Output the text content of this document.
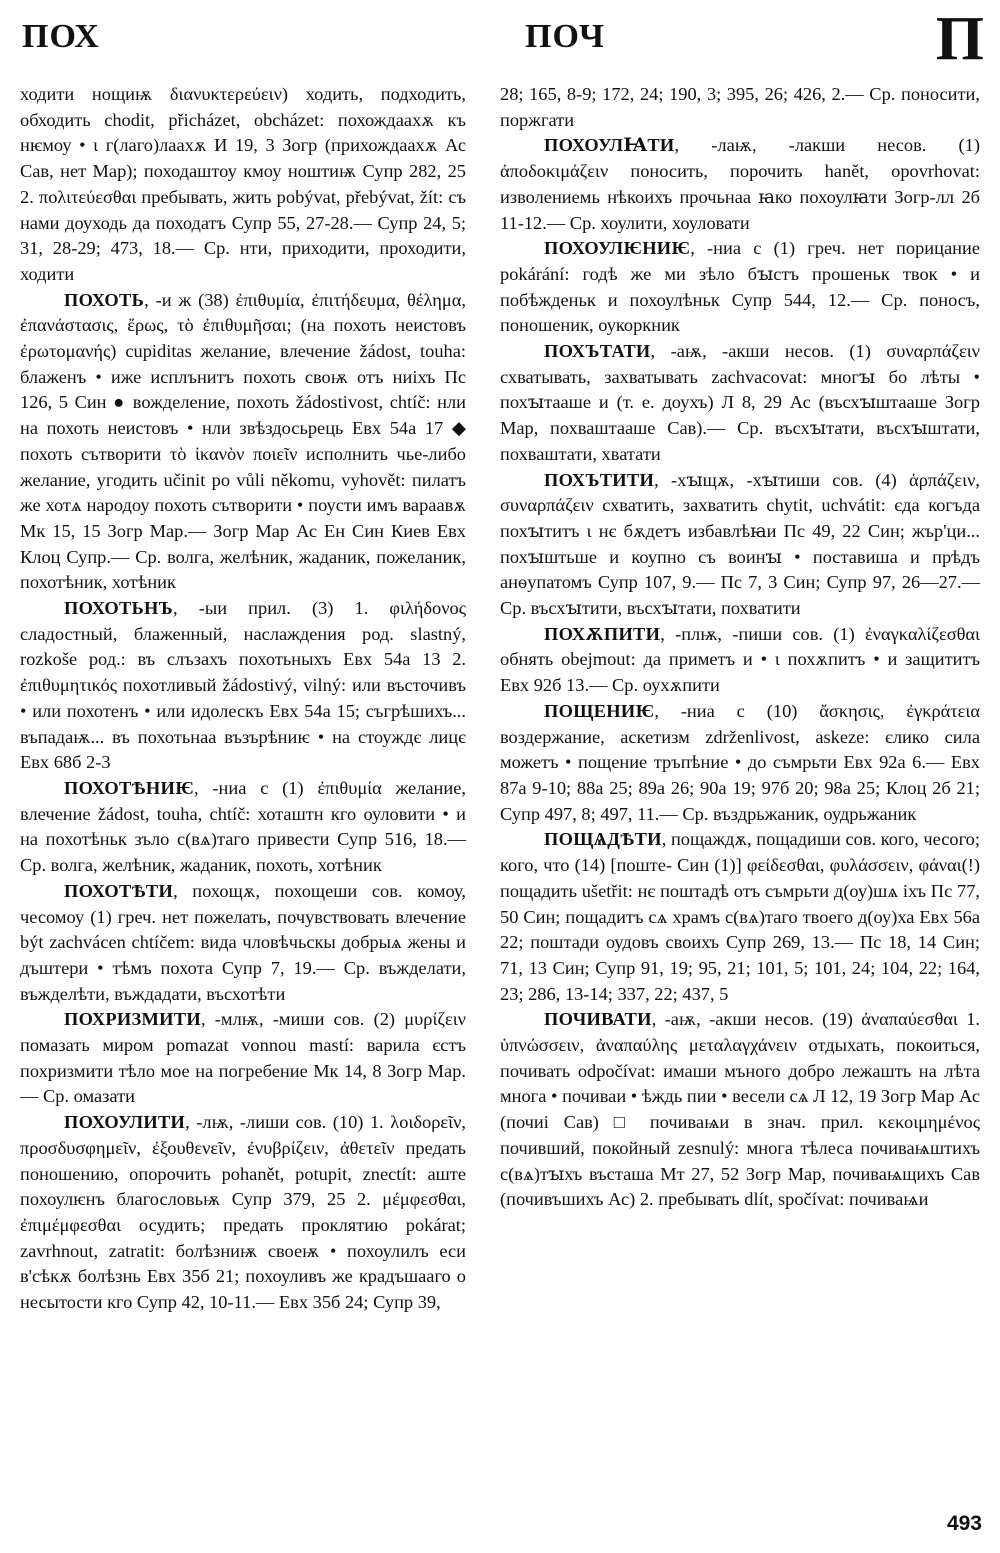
ПОХ	ПОЧ	П

ходити нощиѭ διανυκτερεύειν) ходить, подходить, обходить chodit, přicházet, obcházet: похождаахѫ къ нѥмоу • ι г(лаго)лаахѫ И 19, 3 Зогр (прихождаахѫ Ас Сав, нет Мар); походаштоу кмоу ноштиѭ Супр 282, 25 2. πολιτεύεσθαι пребывать, жить pobývat, přebývat, žít: съ нами доуходь да походатъ Супр 55, 27-28.— Супр 24, 5; 31, 28-29; 473, 18.— Ср. нти, приходити, проходити, ходити

ПОХОТЬ, -и ж (38) ἐπιθυμία, ἐπιτήδευμα, θέλημα, ἐπανάστασις, ἔρως, τὸ ἐπιθυμῆσαι; (на похоть неистовъ ἐρωτομανής) cupiditas желание, влечение žádost, touha: блаженъ • иже исплънитъ похоть своѭ отъ ниіхъ Пс 126, 5 Син ● вожделение, похоть žádostivost, chtíč: нли на похоть неистовъ • нли звѣздосьрець Евх 54а 17 ◆ похоть сътворити τὸ ἱκανὸν ποιεῖν исполнить чье-либо желание, угодить učinit po vůli někomu, vyhovět: пилатъ же хотѧ народоу похоть сътворити • поусти имъ вараавѫ Мк 15, 15 Зогр Мар.— Зогр Мар Ас Ен Син Киев Евх Клоц Супр.— Ср. волга, желѣник, жаданик, пожеланик, похотѣник, хотѣник

ПОХОТЬНЪ, -ыи прил. (3) 1. φιλήδονος сладостный, блаженный, наслаждения род. slastný, rozkoše род.: въ слъзахъ похотьныхъ Евх 54а 13 2. ἐπιθυμητικός похотливый žádostivý, vilný: или въсточивъ • или похотенъ • или идолескъ Евх 54а 15; съгрѣшихъ... въпадаѭ... въ похотьнаа възърѣниѥ • на стоуждє лицє Евх 68б 2-3

ПОХОТѢНИѤ, -ниа с (1) ἐπιθυμία желание, влечение žádost, touha, chtíč: хоташтн кго оуловити • и на похотѣньк зъло с(вѧ)таго привести Супр 516, 18.— Ср. волга, желѣник, жаданик, похоть, хотѣник

ПОХОТѢТИ, похощѫ, похощеши сов. комоу, чесомоу (1) греч. нет пожелать, почувствовать влечение být zachvácen chtíčem: вида чловѣчьскы добрыѧ жены и дъштери • тѣмъ похота Супр 7, 19.— Ср. въжделати, въжделѣти, въждадати, въсхотѣти

ПОХРИЗМИТИ, -млѭ, -миши сов. (2) μυρίζειν помазать миром pomazat vonnou mastí: варила єстъ похризмити тѣло мое на погребение Мк 14, 8 Зогр Мар.— Ср. омазати

ПОХОУЛИТИ, -лѭ, -лиши сов. (10) 1. λοιδορεῖν, προσδυσφημεῖν, ἐξουθενεῖν, ἐνυβρίζειν, ἀθετεῖν предать поношению, опорочить pohanět, potupit, znectít: аште похоулѥнъ благословьѭ Супр 379, 25 2. μέμφεσθαι, ἐπιμέμφεσθαι осудить; предать проклятию pokárat; zavrhnout, zatratit: болѣзниѭ своеѭ • похоулилъ еси в'сѣкѫ болѣзнь Евх 35б 21; похоуливъ же крадъшааго о несытости кго Супр 42, 10-11.— Евх 35б 24; Супр 39,

28; 165, 8-9; 172, 24; 190, 3; 395, 26; 426, 2.— Ср. поносити, поржгати

ПОХОУЛꙖТИ, -лаѭ, -лакши несов. (1) ἀποδοκιμάζειν поносить, порочить hanět, opovrhovat: изволениемь нѣкоихъ прочьнаа ꙗко похоулꙗти Зогр-лл 2б 11-12.— Ср. хоулити, хоуловати

ПОХОУЛѤНИѤ, -ниа с (1) греч. нет порицание pokárání: годѣ же ми зѣло бꙑстъ прошеньк твок • и побѣжденьк и похоулѣньк Супр 544, 12.— Ср. поносъ, поношеник, оукоркник

ПОХЪТАТИ, -аѭ, -акши несов. (1) συναρπάζειν схватывать, захватывать zachvacovat: многꙑ бо лѣты • похꙑтааше и (т. е. доухъ) Л 8, 29 Ас (въсхꙑштааше Зогр Мар, похваштааше Сав).— Ср. въсхꙑтати, въсхꙑштати, похваштати, хватати

ПОХЪТИТИ, -хꙑщѫ, -хꙑтиши сов. (4) ἁρπάζειν, συναρπάζειν схватить, захватить chytit, uchvátit: єда когъда похꙑтитъ ι нє бѫдетъ избавлѣꙗи Пс 49, 22 Син; жър'ци... похꙑштьше и коупно съ воинꙑ • поставиша и прѣдъ анѳупатомъ Супр 107, 9.— Пс 7, 3 Син; Супр 97, 26—27.— Ср. въсхꙑтити, въсхꙑтати, похватити

ПОХѪПИТИ, -плѭ, -пиши сов. (1) ἐναγκαλίζεσθαι обнять obejmout: да приметъ и • ι похѫпитъ • и защититъ Евх 92б 13.— Ср. оухѫпити

ПОЩЕНИѤ, -ниа с (10) ἄσκησις, ἐγκράτεια воздержание, аскетизм zdrženlivost, askeze: єлико сила можетъ • пощение тръпѣние • до съмрьти Евх 92а 6.— Евх 87а 9-10; 88а 25; 89а 26; 90а 19; 97б 20; 98а 25; Клоц 2б 21; Супр 497, 8; 497, 11.— Ср. въздрьжаник, оудрьжаник

ПОЩѦДѢТИ, пощаждѫ, пощадиши сов. кого, чесого; кого, что (14) [поште- Син (1)] φείδεσθαι, φυλάσσειν, φάναι(!) пощадить ušetřit: нє поштадѣ отъ съмрьти д(оу)шѧ іхъ Пс 77, 50 Син; пощадитъ сѧ храмъ с(вѧ)таго твоего д(оу)ха Евх 56а 22; поштади оудовъ своихъ Супр 269, 13.— Пс 18, 14 Син; 71, 13 Син; Супр 91, 19; 95, 21; 101, 5; 101, 24; 104, 22; 164, 23; 286, 13-14; 337, 22; 437, 5

ПОЧИВАТИ, -аѭ, -акши несов. (19) ἀναπαύεσθαι 1. ὑπνώσσειν, ἀναπαύλης μεταλαγχάνειν отдыхать, покоиться, почивать odpočívat: имаши мъного добро лежашть на лѣта многа • почиваи • ѣждь пии • весели сѧ Л 12, 19 Зогр Мар Ас (почиі Сав) □ почиваѩи в знач. прил. κεκοιμημένος почивший, покойный zesnulý: многа тѣлеса почиваѩштихъ с(вѧ)тꙑхъ въсташа Мт 27, 52 Зогр Мар, почиваѩщихъ Сав (почивъшихъ Ас) 2. пребывать dlít, spočívat: почиваѩи

493
